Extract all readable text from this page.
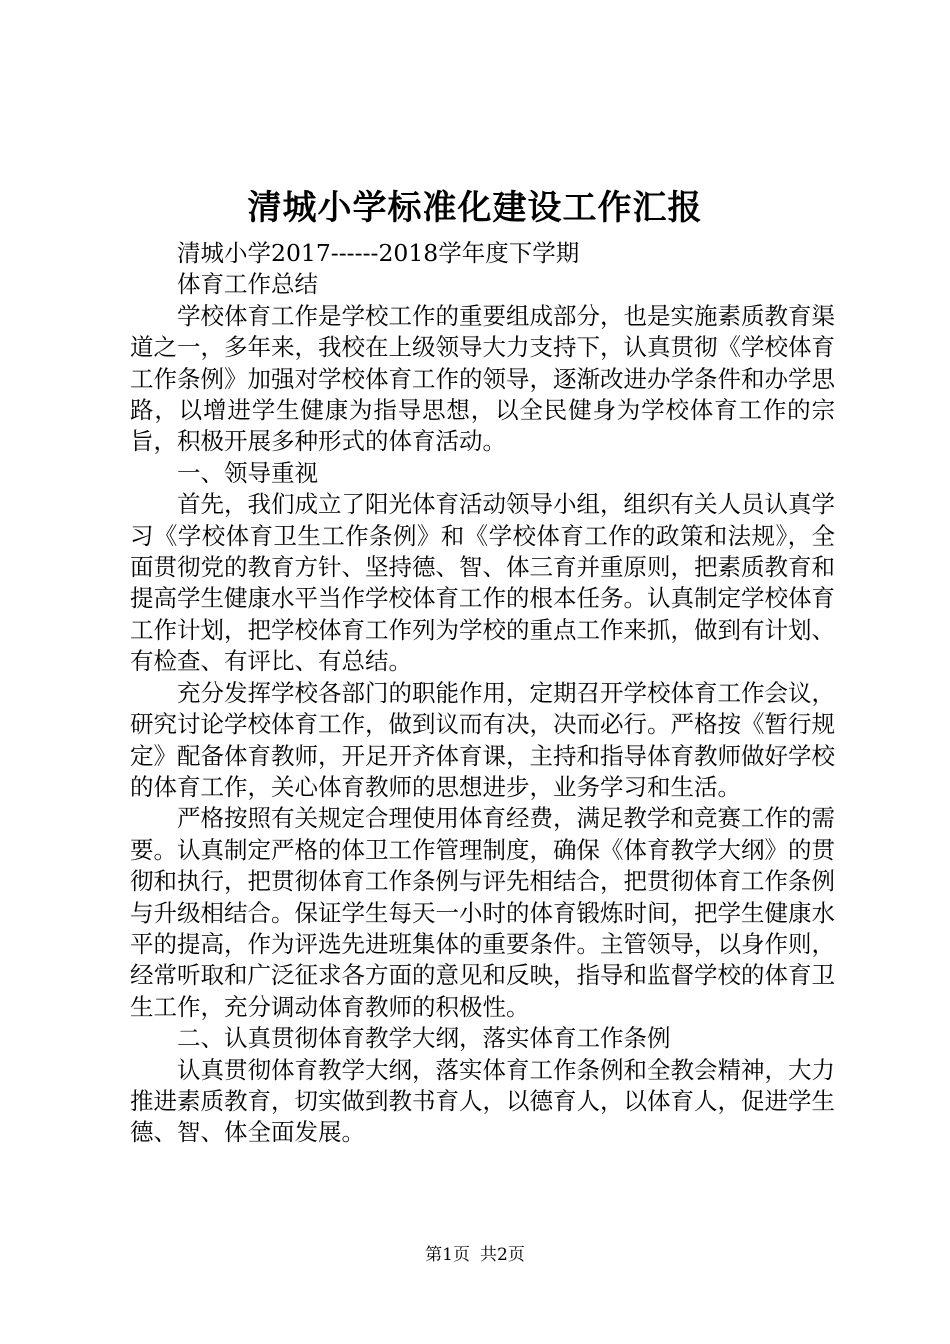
清城小学标准化建设工作汇报

清城小学2017------2018学年度下学期

体育工作总结

学校体育工作是学校工作的重要组成部分，也是实施素质教育渠道之一，多年来，我校在上级领导大力支持下，认真贯彻《学校体育工作条例》加强对学校体育工作的领导，逐渐改进办学条件和办学思路，以增进学生健康为指导思想，以全民健身为学校体育工作的宗旨，积极开展多种形式的体育活动。

一、领导重视

首先，我们成立了阳光体育活动领导小组，组织有关人员认真学习《学校体育卫生工作条例》和《学校体育工作的政策和法规》，全面贯彻党的教育方针、坚持德、智、体三育并重原则，把素质教育和提高学生健康水平当作学校体育工作的根本任务。认真制定学校体育工作计划，把学校体育工作列为学校的重点工作来抓，做到有计划、有检查、有评比、有总结。

充分发挥学校各部门的职能作用，定期召开学校体育工作会议，研究讨论学校体育工作，做到议而有决，决而必行。严格按《暂行规定》配备体育教师，开足开齐体育课，主持和指导体育教师做好学校的体育工作，关心体育教师的思想进步，业务学习和生活。

严格按照有关规定合理使用体育经费，满足教学和竞赛工作的需要。认真制定严格的体卫工作管理制度，确保《体育教学大纲》的贯彻和执行，把贯彻体育工作条例与评先相结合，把贯彻体育工作条例与升级相结合。保证学生每天一小时的体育锻炼时间，把学生健康水平的提高，作为评选先进班集体的重要条件。主管领导，以身作则，经常听取和广泛征求各方面的意见和反映，指导和监督学校的体育卫生工作，充分调动体育教师的积极性。

二、认真贯彻体育教学大纲，落实体育工作条例

认真贯彻体育教学大纲，落实体育工作条例和全教会精神，大力推进素质教育，切实做到教书育人，以德育人，以体育人，促进学生德、智、体全面发展。

第1页 共2页
